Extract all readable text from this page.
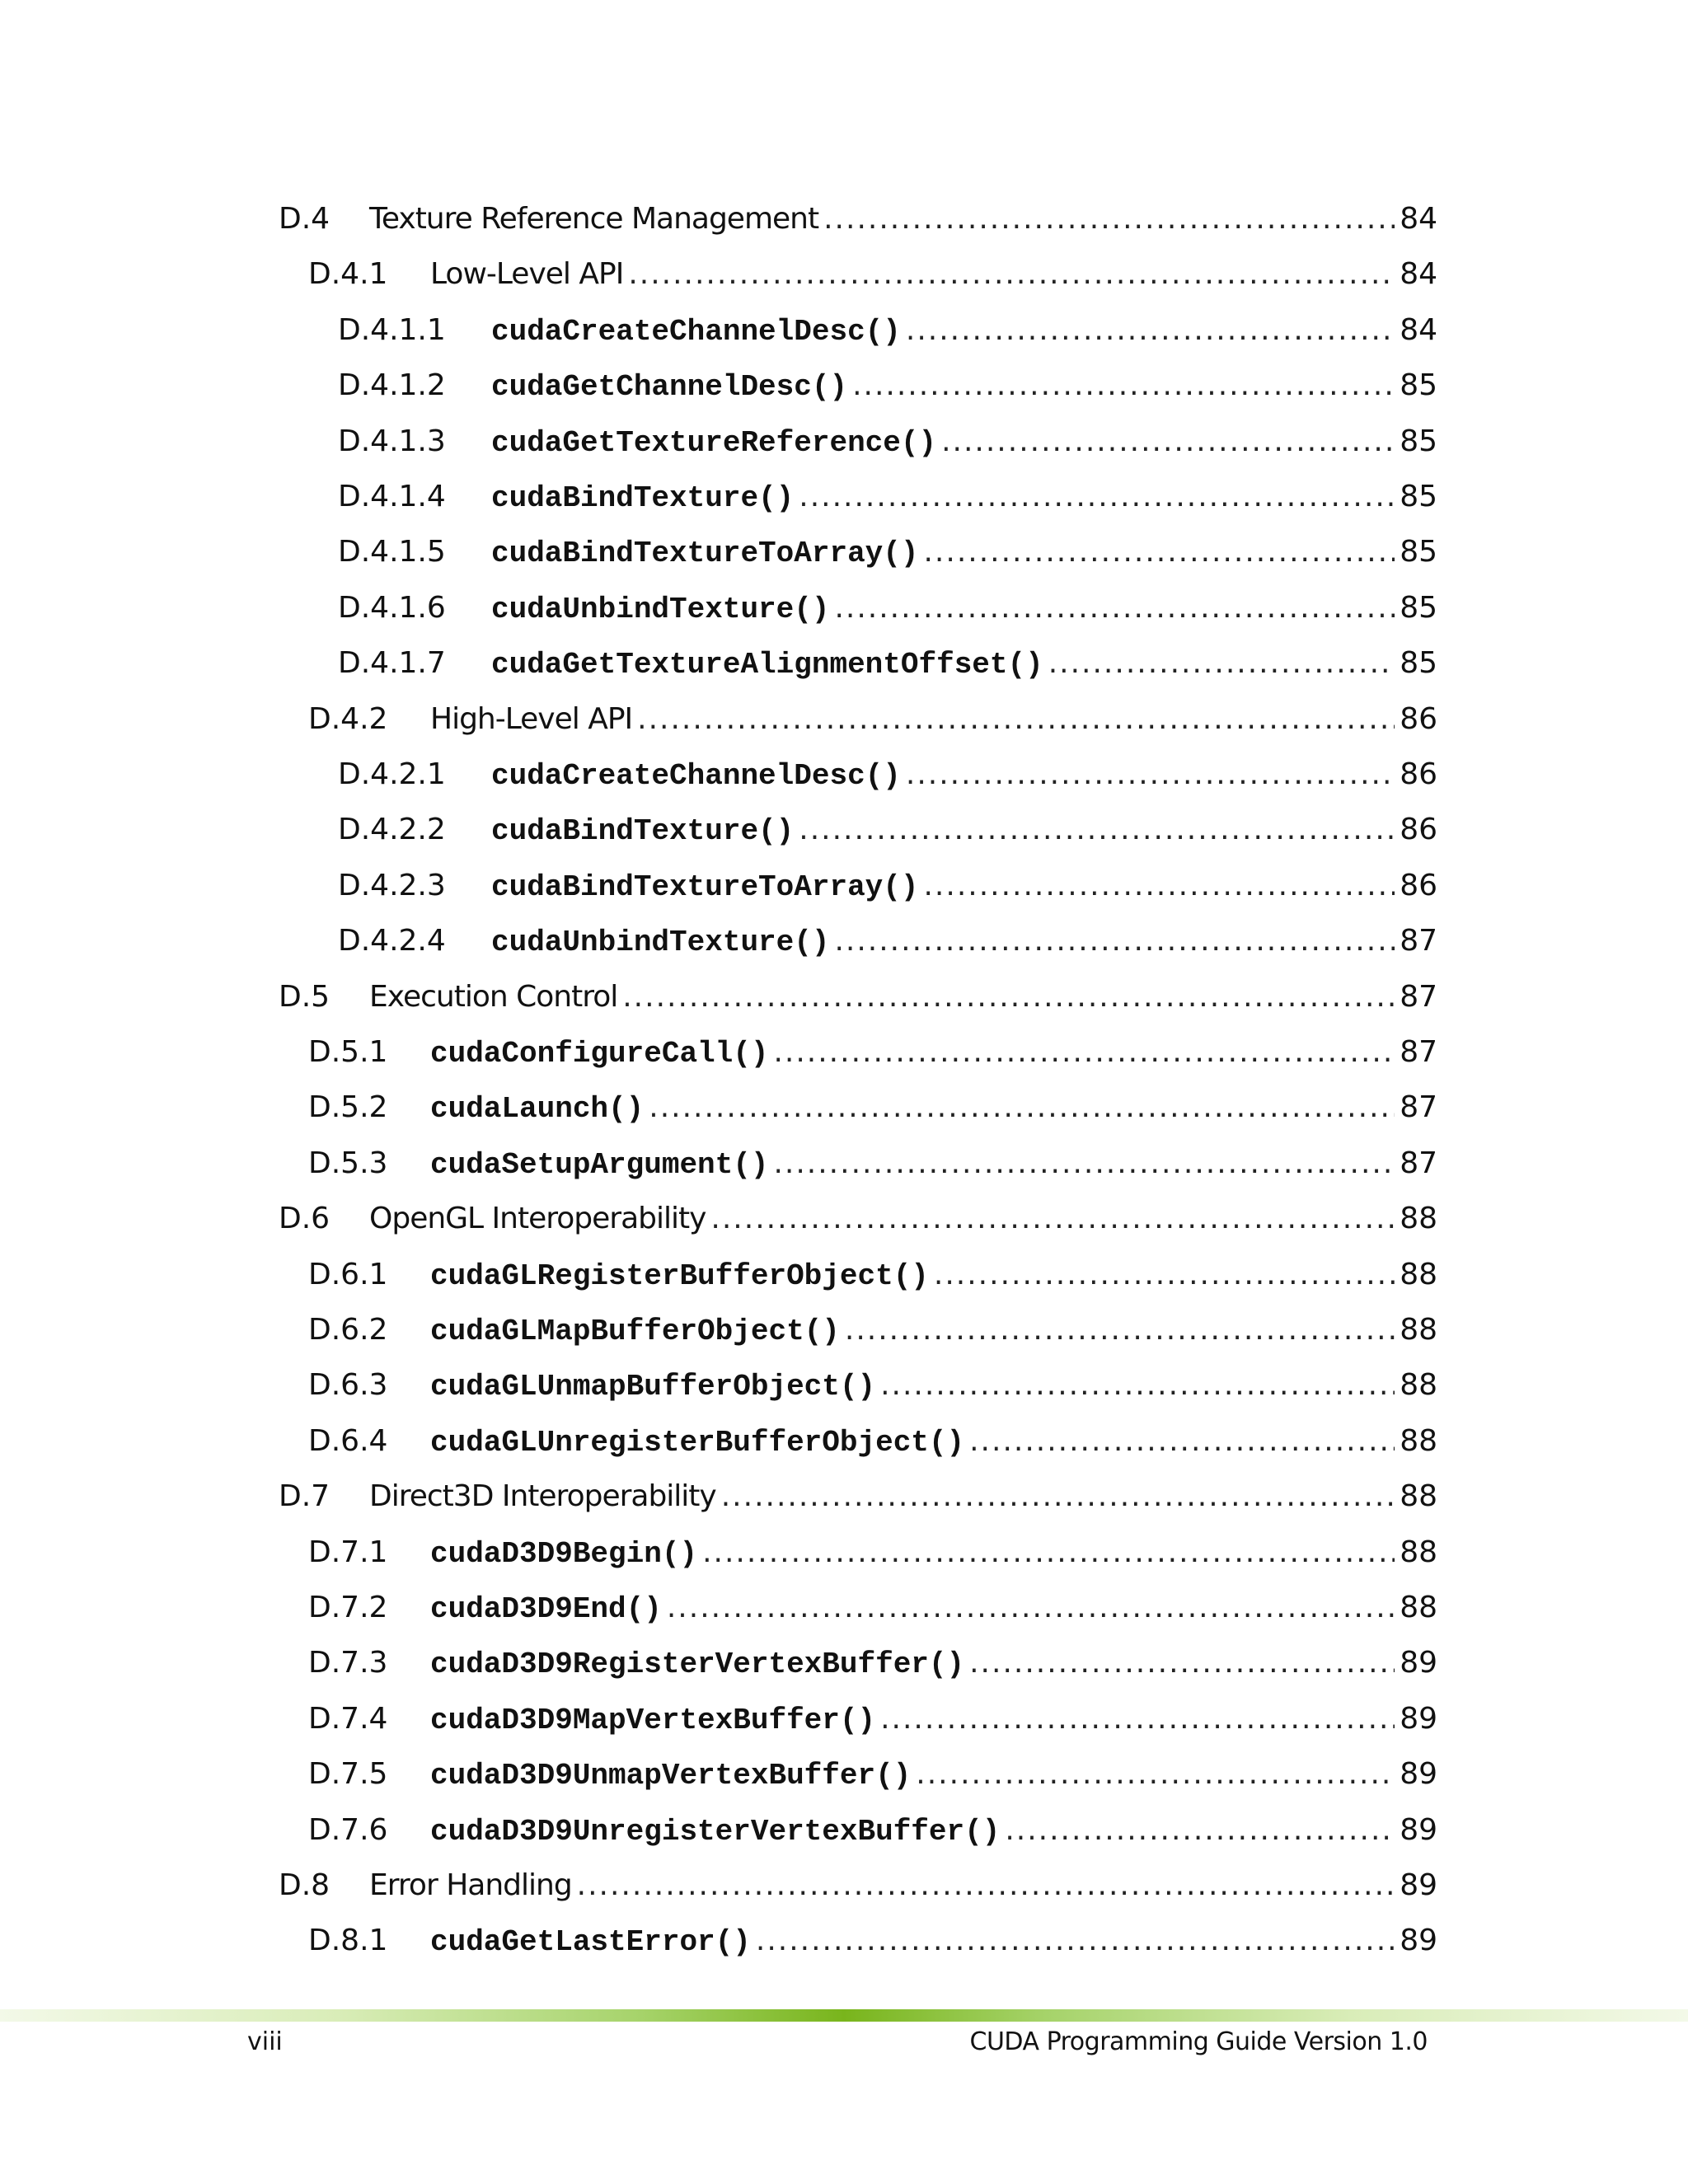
D.4 Texture Reference Management .....	84
D.4.1 Low-Level API .....	84
D.4.1.1 cudaCreateChannelDesc() .....	84
D.4.1.2 cudaGetChannelDesc() .....	85
D.4.1.3 cudaGetTextureReference() .....	85
D.4.1.4 cudaBindTexture() .....	85
D.4.1.5 cudaBindTextureToArray() .....	85
D.4.1.6 cudaUnbindTexture() .....	85
D.4.1.7 cudaGetTextureAlignmentOffset() .....	85
D.4.2 High-Level API .....	86
D.4.2.1 cudaCreateChannelDesc() .....	86
D.4.2.2 cudaBindTexture() .....	86
D.4.2.3 cudaBindTextureToArray() .....	86
D.4.2.4 cudaUnbindTexture() .....	87
D.5 Execution Control .....	87
D.5.1 cudaConfigureCall() .....	87
D.5.2 cudaLaunch() .....	87
D.5.3 cudaSetupArgument() .....	87
D.6 OpenGL Interoperability .....	88
D.6.1 cudaGLRegisterBufferObject() .....	88
D.6.2 cudaGLMapBufferObject() .....	88
D.6.3 cudaGLUnmapBufferObject() .....	88
D.6.4 cudaGLUnregisterBufferObject() .....	88
D.7 Direct3D Interoperability .....	88
D.7.1 cudaD3D9Begin() .....	88
D.7.2 cudaD3D9End() .....	88
D.7.3 cudaD3D9RegisterVertexBuffer() .....	89
D.7.4 cudaD3D9MapVertexBuffer() .....	89
D.7.5 cudaD3D9UnmapVertexBuffer() .....	89
D.7.6 cudaD3D9UnregisterVertexBuffer() .....	89
D.8 Error Handling .....	89
D.8.1 cudaGetLastError() .....	89
viii	CUDA Programming Guide Version 1.0
